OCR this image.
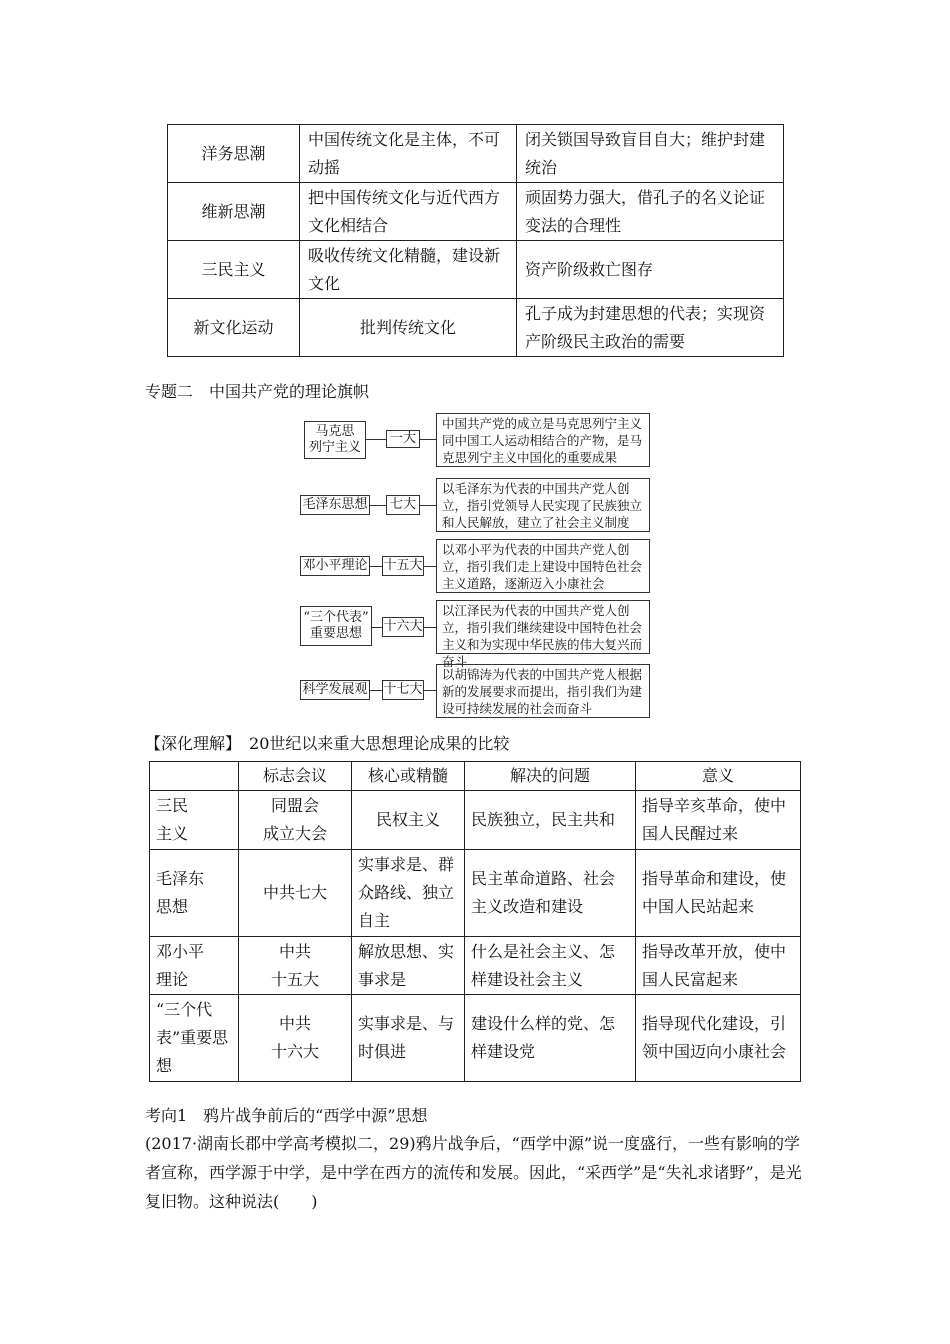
洋务思潮	中国传统文化是主体，不可动摇	闭关锁国导致盲目自大；维护封建统治
维新思潮	把中国传统文化与近代西方文化相结合	顽固势力强大，借孔子的名义论证变法的合理性
三民主义	吸收传统文化精髓，建设新文化	资产阶级救亡图存
新文化运动	批判传统文化	孔子成为封建思想的代表；实现资产阶级民主政治的需要
专题二　中国共产党的理论旗帜
马克思
列宁主义
一大
中国共产党的成立是马克思列宁主义同中国工人运动相结合的产物，是马克思列宁主义中国化的重要成果
毛泽东思想	七大
以毛泽东为代表的中国共产党人创立，指引党领导人民实现了民族独立和人民解放，建立了社会主义制度
邓小平理论 十五大
以邓小平为代表的中国共产党人创立，指引我们走上建设中国特色社会主义道路，逐渐迈入小康社会
“三个代表”
重要思想	十六大
以江泽民为代表的中国共产党人创立，指引我们继续建设中国特色社会主义和为实现中华民族的伟大复兴而奋斗
科学发展观 十七大
以胡锦涛为代表的中国共产党人根据新的发展要求而提出，指引我们为建设可持续发展的社会而奋斗
【深化理解】 20世纪以来重大思想理论成果的比较
	标志会议	核心或精髓	解决的问题	意义
三民
主义	同盟会
成立大会	民权主义	民族独立，民主共和	指导辛亥革命，使中国人民醒过来
毛泽东
思想	中共七大	实事求是、群众路线、独立自主	民主革命道路、社会主义改造和建设	指导革命和建设，使中国人民站起来
邓小平
理论	中共
十五大	解放思想、实事求是	什么是社会主义、怎样建设社会主义	指导改革开放，使中国人民富起来
“三个代表”重要思想	中共
十六大	实事求是、与时俱进	建设什么样的党、怎样建设党	指导现代化建设，引领中国迈向小康社会
考向1　鸦片战争前后的“西学中源”思想
(2017·湖南长郡中学高考模拟二，29)鸦片战争后，“西学中源”说一度盛行，一些有影响的学者宣称，西学源于中学，是中学在西方的流传和发展。因此，“采西学”是“失礼求诸野”，是光复旧物。这种说法(　　)
